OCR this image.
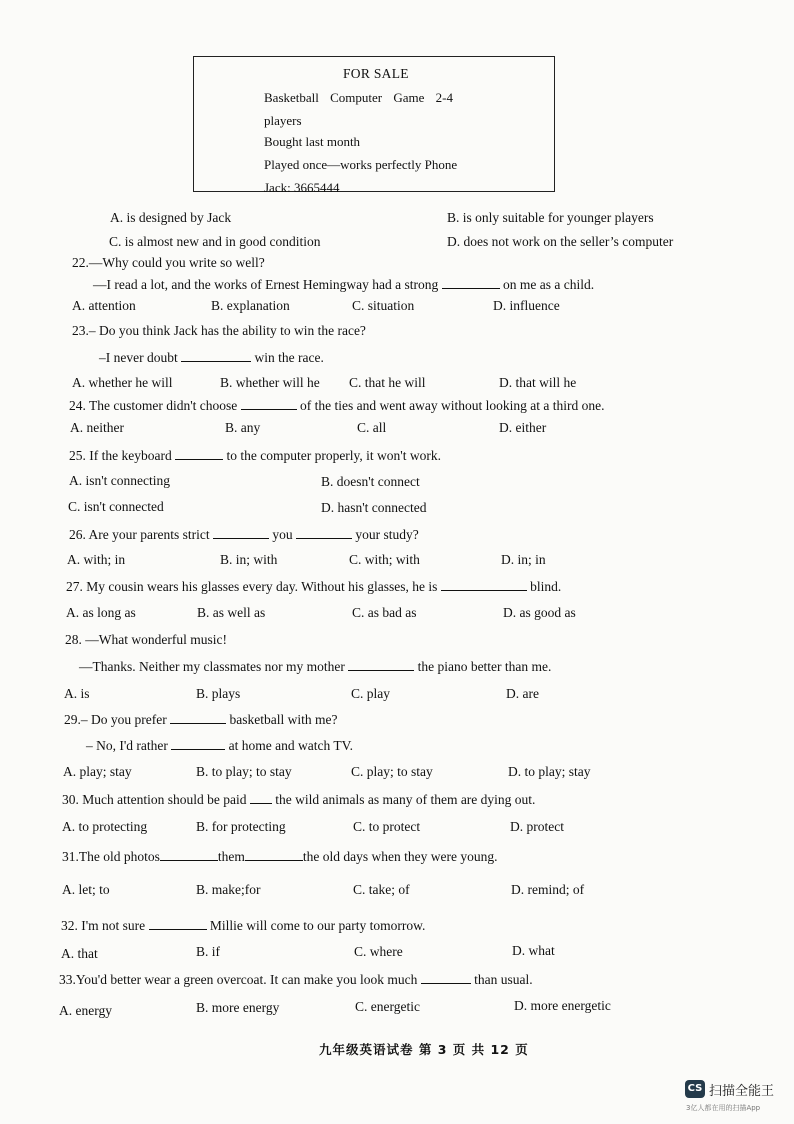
FOR SALE
Basketball Computer Game 2-4
players
Bought last month
Played once—works perfectly Phone
Jack: 3665444
A. is designed by Jack	B. is only suitable for younger players
C. is almost new and in good condition	D. does not work on the seller’s computer
22.—Why could you write so well?
—I read a lot, and the works of Ernest Hemingway had a strong	on me as a child.
A. attention	B. explanation	C. situation	D. influence
23.– Do you think Jack has the ability to win the race?
–I never doubt	win the race.
A. whether he will	B. whether will he C. that he will	D. that will he
24. The customer didn't choose	of the ties and went away without looking at a third one.
A. neither	B. any	C. all	D. either
25. If the keyboard	to the computer properly, it won't work.
A. isn't connecting	B. doesn't connect
C. isn't connected	D. hasn't connected
26. Are your parents strict	you	your study?
A. with; in	B. in; with	C. with; with	D. in; in
27. My cousin wears his glasses every day. Without his glasses, he is	blind.
A. as long as	B. as well as	C. as bad as	D. as good as
28. —What wonderful music!
—Thanks. Neither my classmates nor my mother	the piano better than me.
A. is	B. plays	C. play	D. are
29.– Do you prefer	basketball with me?
– No, I'd rather	at home and watch TV.
A. play; stay	B. to play; to stay	C. play; to stay	D. to play; stay
30. Much attention should be paid the wild animals as many of them are dying out.
A. to protecting	B. for protecting	C. to protect	D. protect
31.The old photos	them	the old days when they were young.
A. let; to	B. make;for	C. take; of	D. remind; of
32. I'm not sure	Millie will come to our party tomorrow.
A. that	B. if	C. where	D. what
33.You'd better wear a green overcoat. It can make you look much	than usual.
A. energy	B. more energy	C. energetic	D. more energetic
九年级英语试卷 第 3 页 共 12 页
CS 扫描全能王
3亿人都在用的扫描App
